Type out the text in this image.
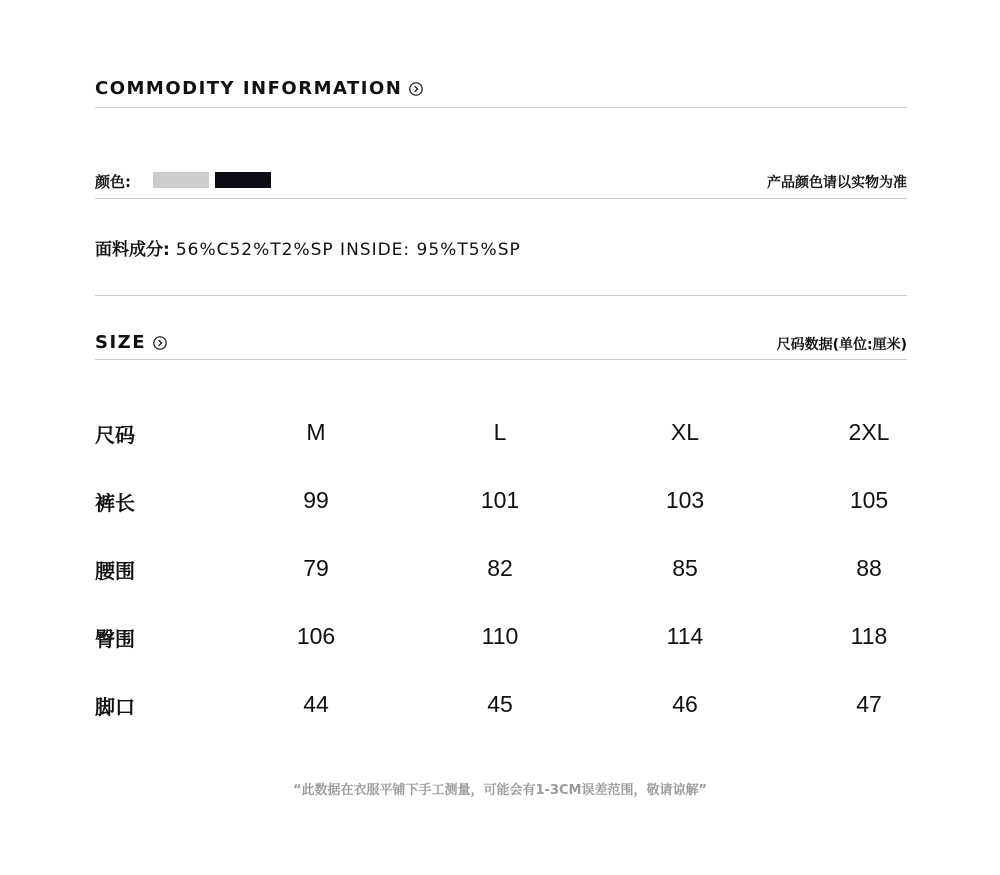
COMMODITY INFORMATION
颜色:	产品颜色请以实物为准
面料成分: 56%C52%T2%SP INSIDE: 95%T5%SP
SIZE	尺码数据(单位:厘米)
尺码	M	L	XL	2XL
裤长	99	101	103	105
腰围	79	82	85	88
臀围	106	110	114	118
脚口	44	45	46	47
“此数据在衣服平铺下手工测量，可能会有1-3CM误差范围，敬请谅解”
